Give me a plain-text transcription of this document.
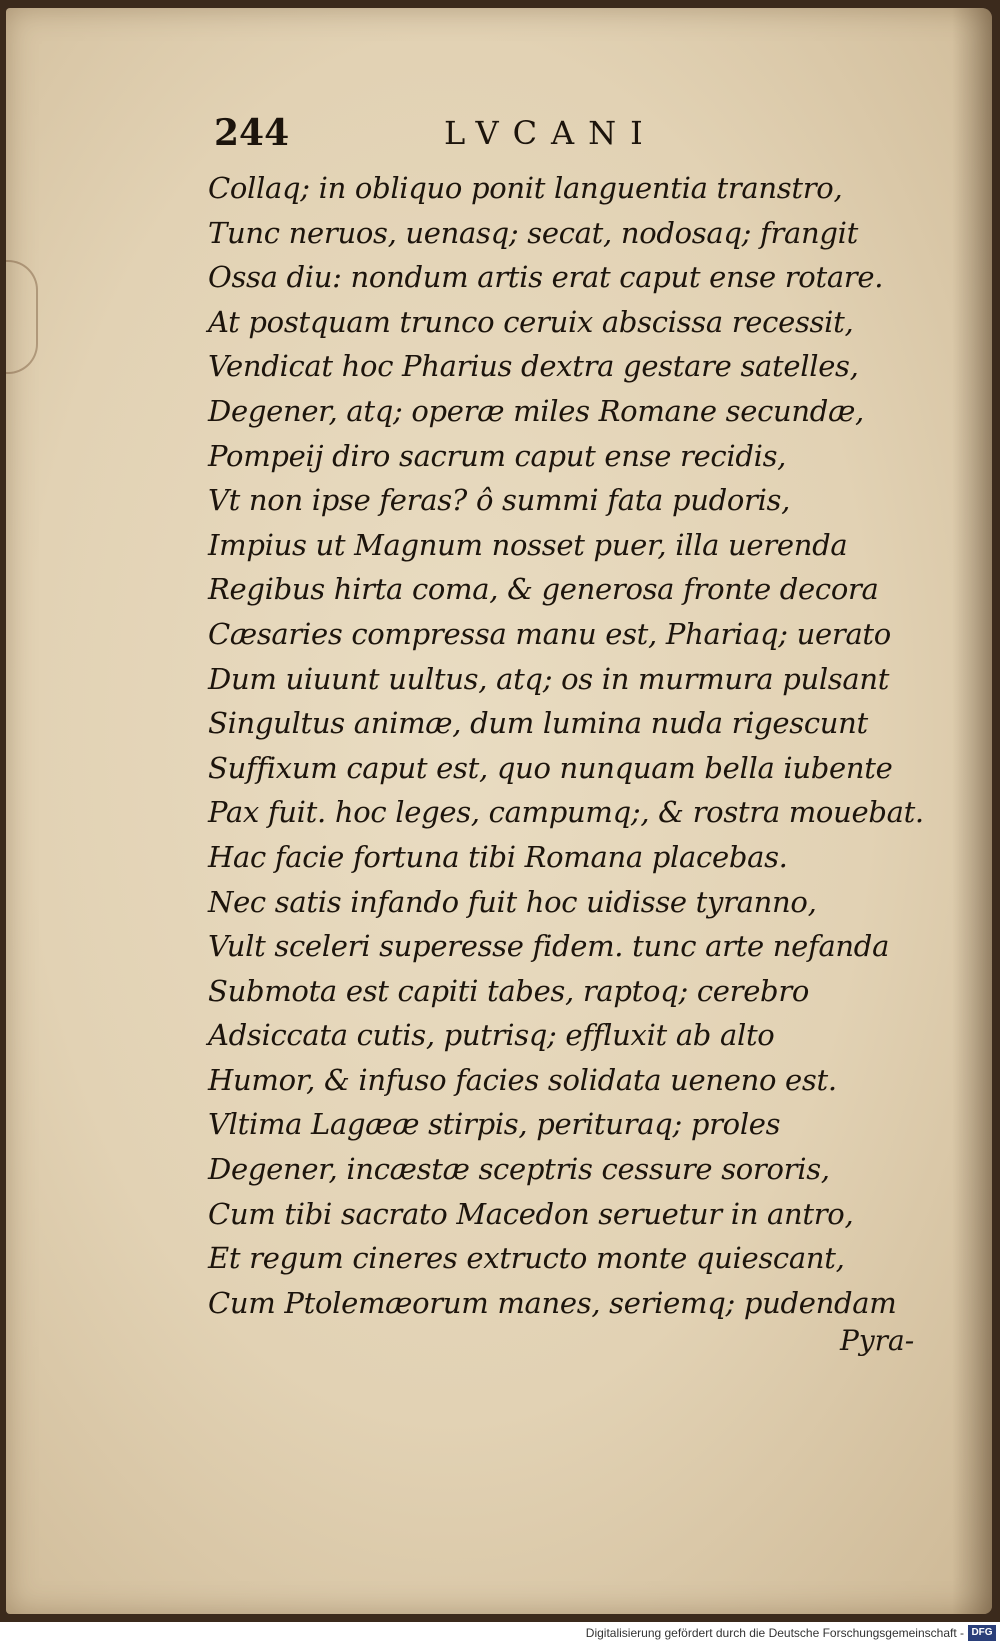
244	LVCANI
Collaq; in obliquo ponit languentia transtro,
Tunc neruos, uenasq; secat, nodosaq; frangit
Ossa diu: nondum artis erat caput ense rotare.
At postquam trunco ceruix abscissa recessit,
Vendicat hoc Pharius dextra gestare satelles,
Degener, atq; operæ miles Romane secundæ,
Pompeij diro sacrum caput ense recidis,
Vt non ipse feras? ô summi fata pudoris,
Impius ut Magnum nosset puer, illa uerenda
Regibus hirta coma, & generosa fronte decora
Cæsaries compressa manu est, Phariaq; uerato
Dum uiuunt uultus, atq; os in murmura pulsant
Singultus animæ, dum lumina nuda rigescunt
Suffixum caput est, quo nunquam bella iubente
Pax fuit. hoc leges, campumq;, & rostra mouebat.
Hac facie fortuna tibi Romana placebas.
Nec satis infando fuit hoc uidisse tyranno,
Vult sceleri superesse fidem. tunc arte nefanda
Submota est capiti tabes, raptoq; cerebro
Adsiccata cutis, putrisq; effluxit ab alto
Humor, & infuso facies solidata ueneno est.
Vltima Lagææ stirpis, perituraq; proles
Degener, incæstæ sceptris cessure sororis,
Cum tibi sacrato Macedon seruetur in antro,
Et regum cineres extructo monte quiescant,
Cum Ptolemæorum manes, seriemq; pudendam
Pyra-
Digitalisierung gefördert durch die Deutsche Forschungsgemeinschaft - DFG
